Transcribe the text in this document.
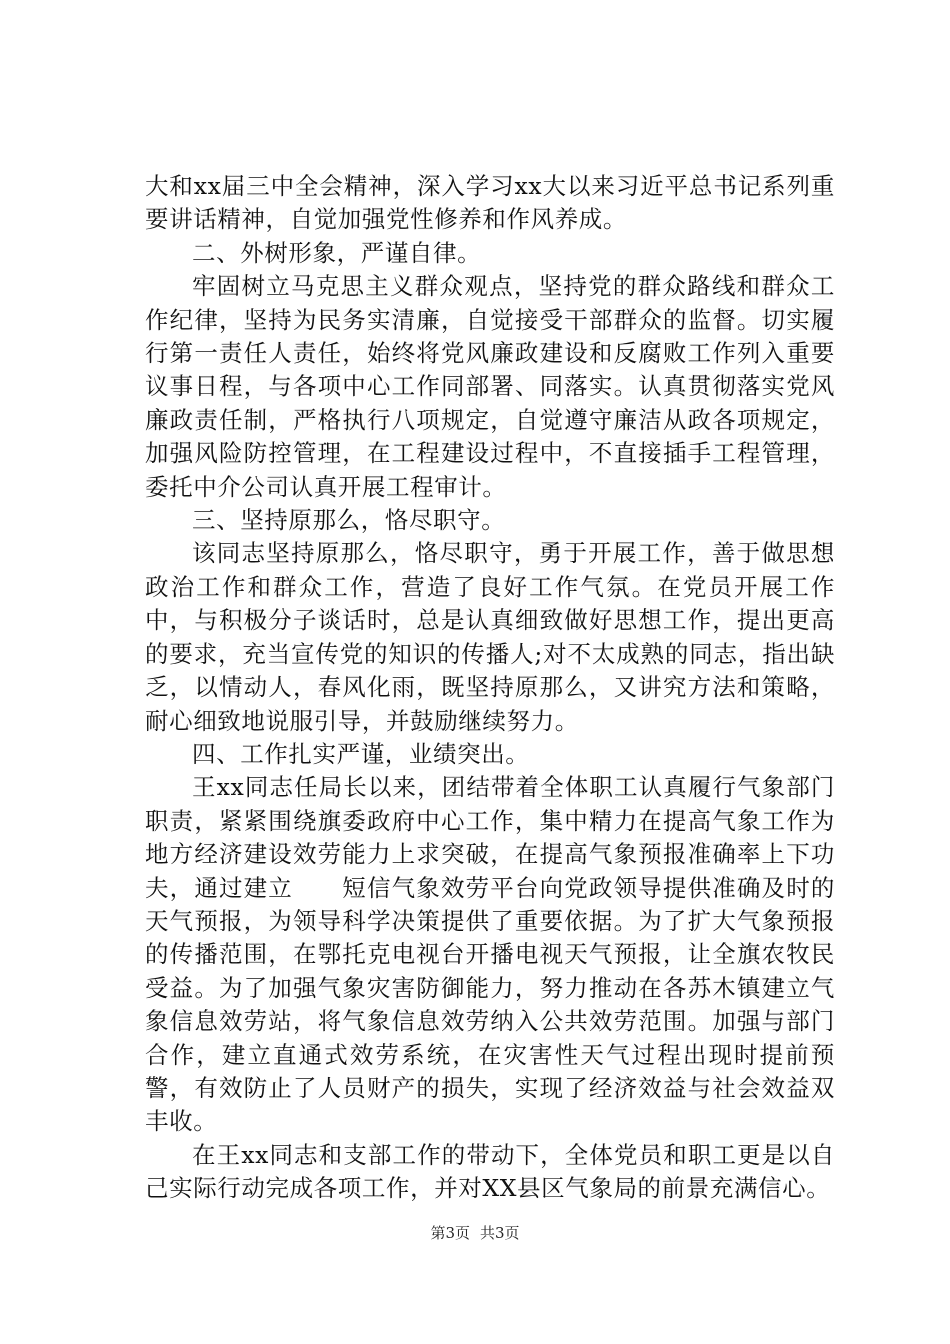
大和xx届三中全会精神，深入学习xx大以来习近平总书记系列重要讲话精神，自觉加强党性修养和作风养成。

二、外树形象，严谨自律。

牢固树立马克思主义群众观点，坚持党的群众路线和群众工作纪律，坚持为民务实清廉，自觉接受干部群众的监督。切实履行第一责任人责任，始终将党风廉政建设和反腐败工作列入重要议事日程，与各项中心工作同部署、同落实。认真贯彻落实党风廉政责任制，严格执行八项规定，自觉遵守廉洁从政各项规定，加强风险防控管理，在工程建设过程中，不直接插手工程管理，委托中介公司认真开展工程审计。

三、坚持原那么，恪尽职守。

该同志坚持原那么，恪尽职守，勇于开展工作，善于做思想政治工作和群众工作，营造了良好工作气氛。在党员开展工作中，与积极分子谈话时，总是认真细致做好思想工作，提出更高的要求，充当宣传党的知识的传播人;对不太成熟的同志，指出缺乏，以情动人，春风化雨，既坚持原那么，又讲究方法和策略，耐心细致地说服引导，并鼓励继续努力。

四、工作扎实严谨，业绩突出。

王xx同志任局长以来，团结带着全体职工认真履行气象部门职责，紧紧围绕旗委政府中心工作，集中精力在提高气象工作为地方经济建设效劳能力上求突破，在提高气象预报准确率上下功夫，通过建立　　短信气象效劳平台向党政领导提供准确及时的天气预报，为领导科学决策提供了重要依据。为了扩大气象预报的传播范围，在鄂托克电视台开播电视天气预报，让全旗农牧民受益。为了加强气象灾害防御能力，努力推动在各苏木镇建立气象信息效劳站，将气象信息效劳纳入公共效劳范围。加强与部门合作，建立直通式效劳系统，在灾害性天气过程出现时提前预警，有效防止了人员财产的损失，实现了经济效益与社会效益双丰收。

在王xx同志和支部工作的带动下，全体党员和职工更是以自己实际行动完成各项工作，并对XX县区气象局的前景充满信心。

第3页 共3页
